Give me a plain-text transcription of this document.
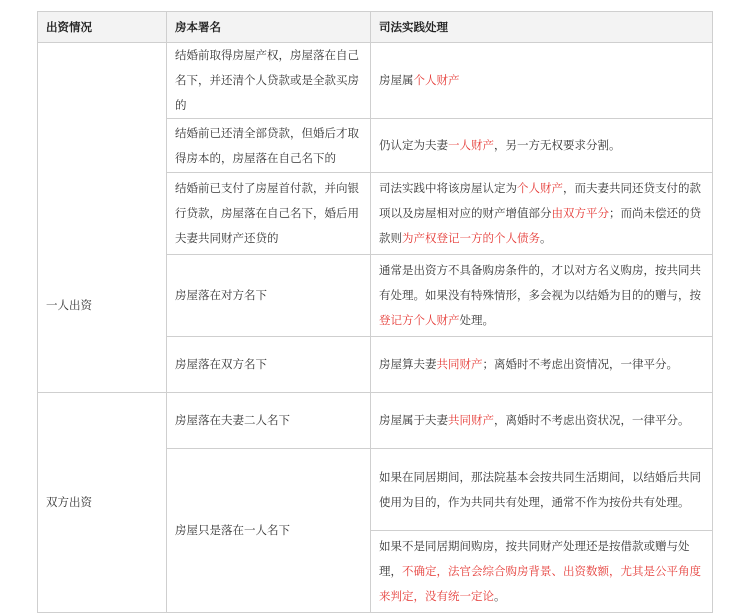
出资情况	房本署名	司法实践处理
一人出资	结婚前取得房屋产权，房屋落在自己名下，并还清个人贷款或是全款买房的	房屋属个人财产
	结婚前已还清全部贷款，但婚后才取得房本的，房屋落在自己名下的	仍认定为夫妻一人财产，另一方无权要求分割。
	结婚前已支付了房屋首付款，并向银行贷款，房屋落在自己名下，婚后用夫妻共同财产还贷的	司法实践中将该房屋认定为个人财产，而夫妻共同还贷支付的款项以及房屋相对应的财产增值部分由双方平分；而尚未偿还的贷款则为产权登记一方的个人债务。
	房屋落在对方名下	通常是出资方不具备购房条件的，才以对方名义购房，按共同共有处理。如果没有特殊情形，多会视为以结婚为目的的赠与，按登记方个人财产处理。
	房屋落在双方名下	房屋算夫妻共同财产；离婚时不考虑出资情况，一律平分。
双方出资	房屋落在夫妻二人名下	房屋属于夫妻共同财产，离婚时不考虑出资状况，一律平分。
	房屋只是落在一人名下	如果在同居期间，那法院基本会按共同生活期间，以结婚后共同使用为目的，作为共同共有处理，通常不作为按份共有处理。
		如果不是同居期间购房，按共同财产处理还是按借款或赠与处理，不确定，法官会综合购房背景、出资数额，尤其是公平角度来判定，没有统一定论。
